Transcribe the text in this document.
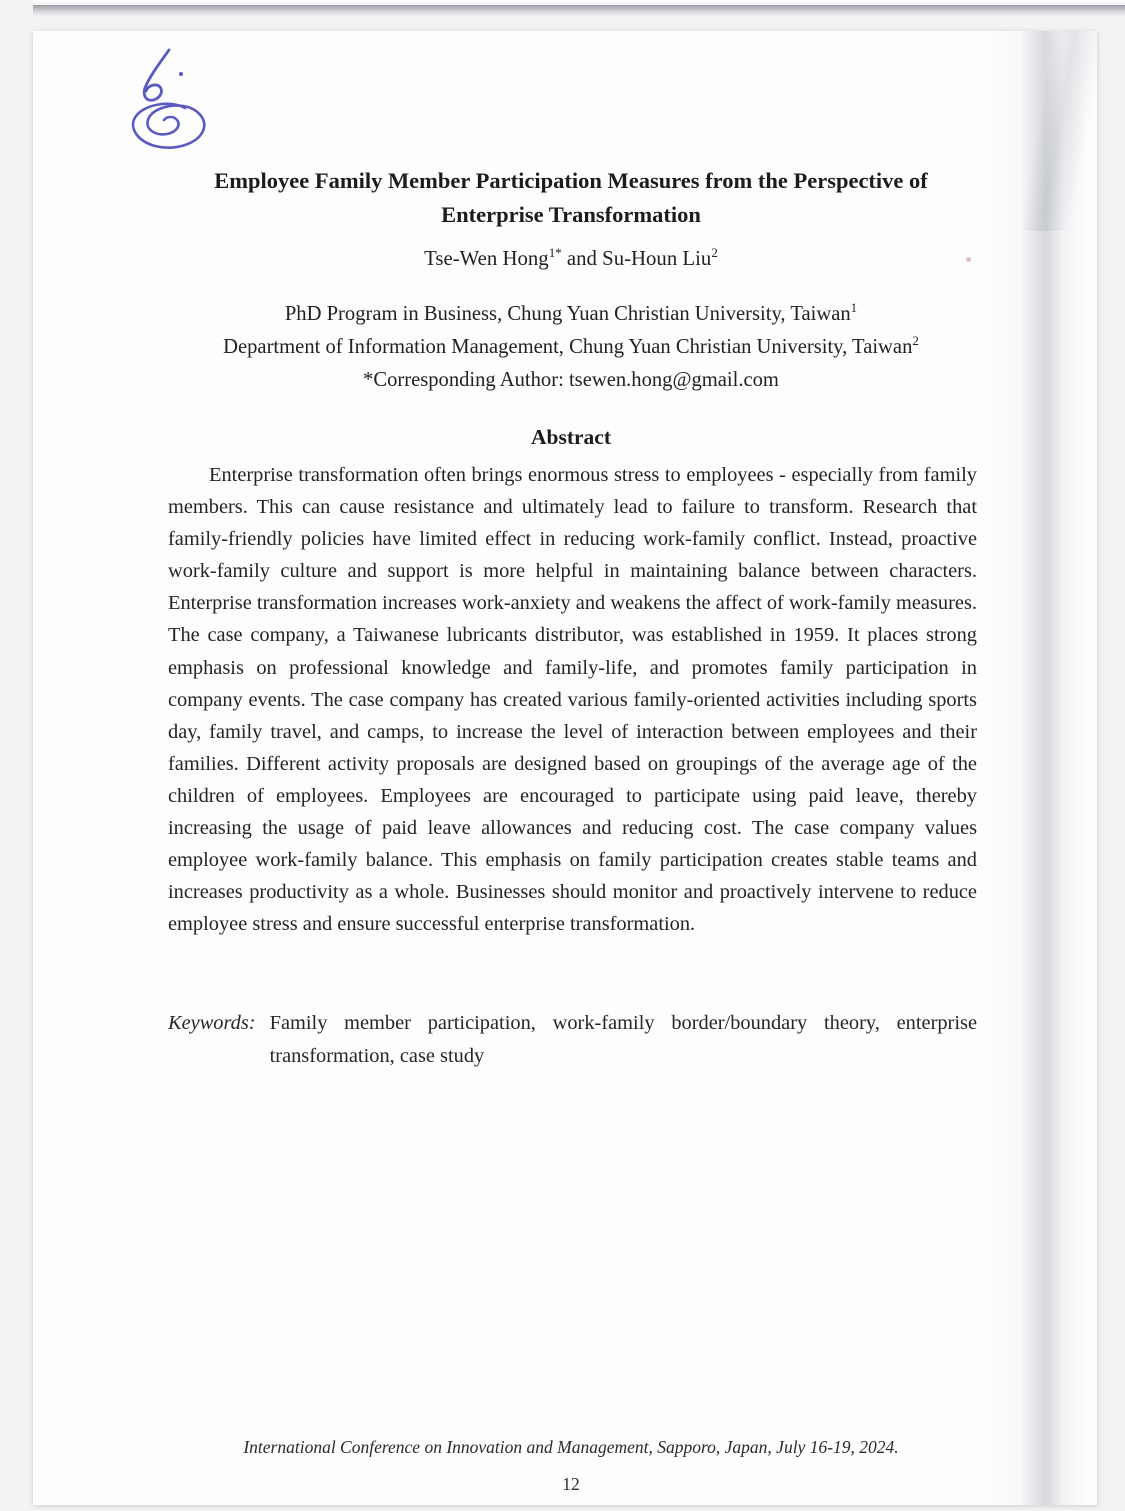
Employee Family Member Participation Measures from the Perspective of
Enterprise Transformation
Tse-Wen Hong$^{1*}$ and Su-Houn Liu$^2$
PhD Program in Business, Chung Yuan Christian University, Taiwan$^1$
Department of Information Management, Chung Yuan Christian University, Taiwan$^2$
*Corresponding Author: tsewen.hong@gmail.com
Abstract
Enterprise transformation often brings enormous stress to employees - especially from family members. This can cause resistance and ultimately lead to failure to transform. Research that family-friendly policies have limited effect in reducing work-family conflict. Instead, proactive work-family culture and support is more helpful in maintaining balance between characters. Enterprise transformation increases work-anxiety and weakens the affect of work-family measures. The case company, a Taiwanese lubricants distributor, was established in 1959. It places strong emphasis on professional knowledge and family-life, and promotes family participation in company events. The case company has created various family-oriented activities including sports day, family travel, and camps, to increase the level of interaction between employees and their families. Different activity proposals are designed based on groupings of the average age of the children of employees. Employees are encouraged to participate using paid leave, thereby increasing the usage of paid leave allowances and reducing cost. The case company values employee work-family balance. This emphasis on family participation creates stable teams and increases productivity as a whole. Businesses should monitor and proactively intervene to reduce employee stress and ensure successful enterprise transformation.
Keywords: Family member participation, work-family border/boundary theory, enterprise transformation, case study
International Conference on Innovation and Management, Sapporo, Japan, July 16-19, 2024.
12
